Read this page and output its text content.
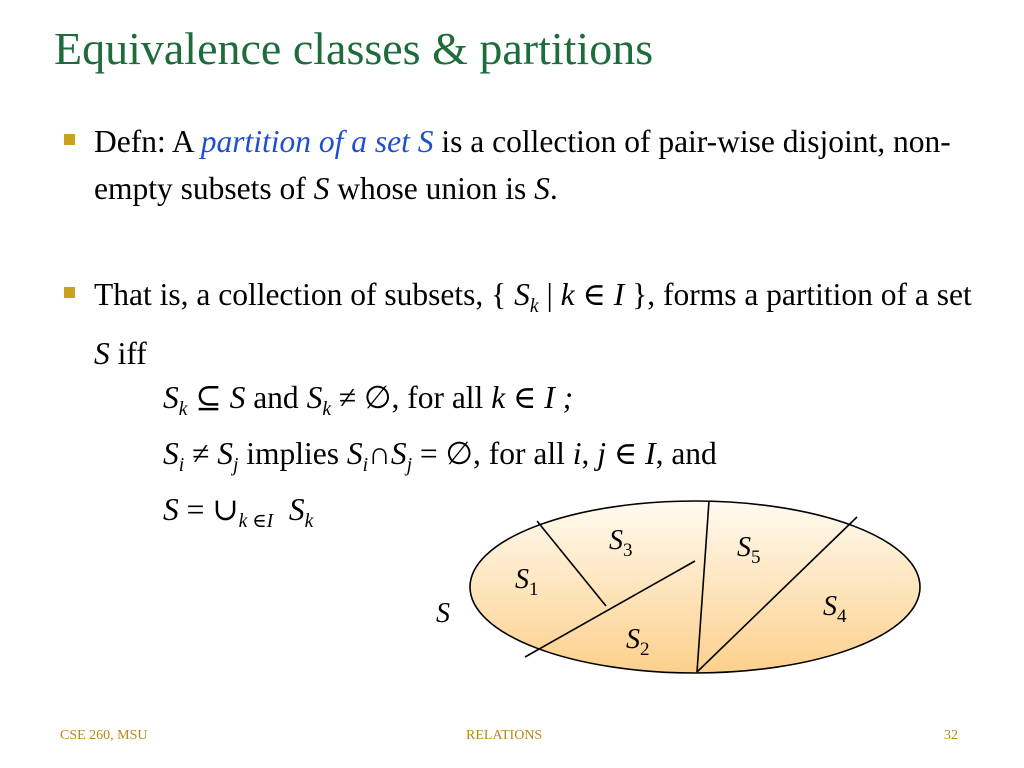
Equivalence classes & partitions
Defn: A partition of a set S is a collection of pair-wise disjoint, non-empty subsets of S whose union is S.
That is, a collection of subsets, { $S_k$ | k ∈ I }, forms a partition of a set S iff
$S_k$ ⊆ S and $S_k$ ≠ ∅, for all k ∈ I ;
$S_i \ne S_j$ implies $S_i\cap S_j$ = ∅, for all i, j ∈ I, and
$S = \cup_{k \in I}$ $S_k$
S
$S_1$
$S_2$
$S_3$
$S_4$
$S_5$
CSE 260, MSU	RELATIONS	32
